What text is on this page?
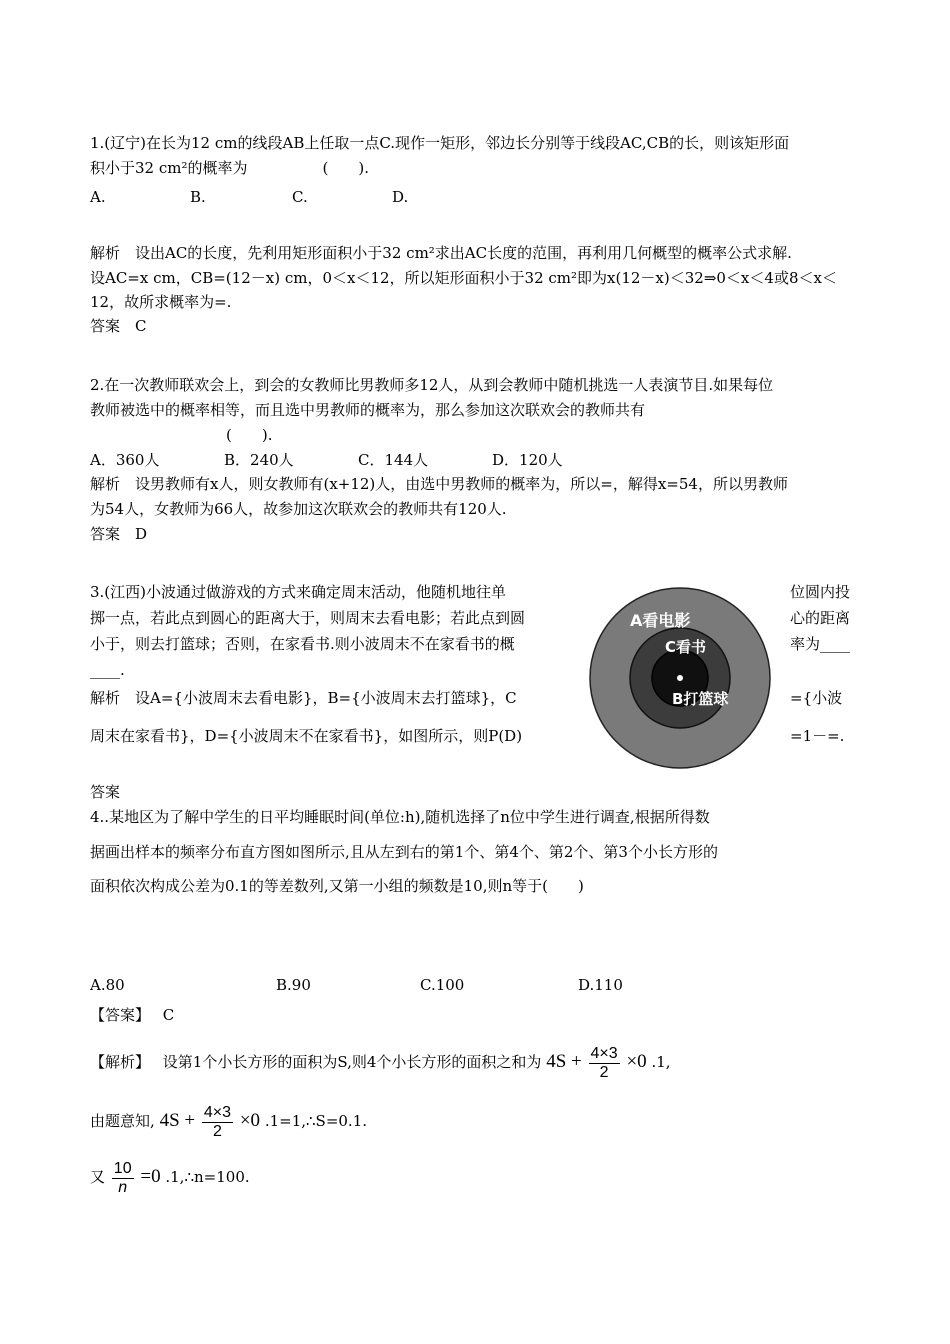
1.(辽宁)在长为12 cm的线段AB上任取一点C.现作一矩形，邻边长分别等于线段AC,CB的长，则该矩形面
积小于32 cm²的概率为　　　　　(　　).
A.	B.	C.	D.
解析　设出AC的长度，先利用矩形面积小于32 cm²求出AC长度的范围，再利用几何概型的概率公式求解.
设AC=x cm，CB=(12－x) cm，0＜x＜12，所以矩形面积小于32 cm²即为x(12－x)＜32⇒0＜x＜4或8＜x＜
12，故所求概率为=.
答案　C
2.在一次教师联欢会上，到会的女教师比男教师多12人，从到会教师中随机挑选一人表演节目.如果每位
教师被选中的概率相等，而且选中男教师的概率为，那么参加这次联欢会的教师共有
(　　).
A．360人	B．240人	C．144人	D．120人
解析　设男教师有x人，则女教师有(x+12)人，由选中男教师的概率为，所以=，解得x=54，所以男教师
为54人，女教师为66人，故参加这次联欢会的教师共有120人.
答案　D
3.(江西)小波通过做游戏的方式来确定周末活动，他随机地往单	位圆内投
掷一点，若此点到圆心的距离大于，则周末去看电影；若此点到圆	心的距离
小于，则去打篮球；否则，在家看书.则小波周末不在家看书的概	率为____
____.
解析　设A={小波周末去看电影}，B={小波周末去打篮球}，C	={小波
周末在家看书}，D={小波周末不在家看书}，如图所示，则P(D)	=1－=.
答案
A看电影
C看书
B打篮球
4..某地区为了解中学生的日平均睡眠时间(单位:h),随机选择了n位中学生进行调查,根据所得数
据画出样本的频率分布直方图如图所示,且从左到右的第1个、第4个、第2个、第3个小长方形的
面积依次构成公差为0.1的等差数列,又第一小组的频数是10,则n等于(　　)
A.80	B.90	C.100	D.110
【答案】 C
【解析】 设第1个小长方形的面积为S,则4个小长方形的面积之和为 $4S + \frac{4\times 3}{2} \times 0$ .1,
由题意知, $4S + \frac{4\times 3}{2} \times 0$ .1=1,∴S=0.1.
又 $\frac{10}{n} =0$ .1,∴n=100.
